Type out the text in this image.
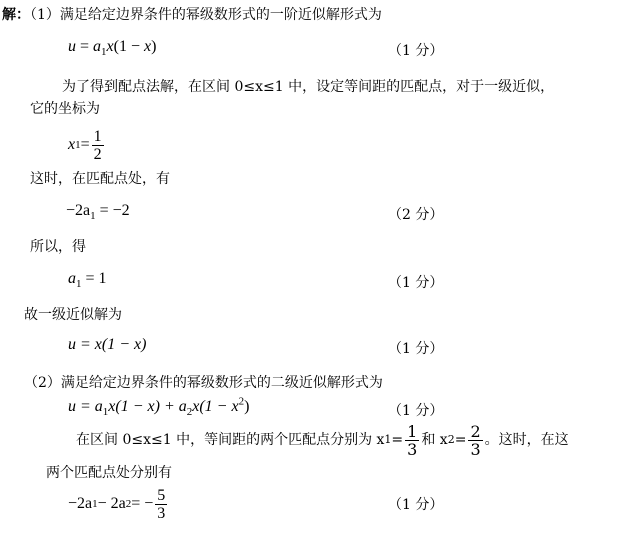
解：（1）满足给定边界条件的幂级数形式的一阶近似解形式为
$u = a_1x(1 - x)$	（1 分）
为了得到配点法解，在区间 0≤x≤1 中，设定等间距的匹配点，对于一级近似，
它的坐标为
x $1 = \frac{1}{2}$
这时，在匹配点处，有
$-2a_1 = -2$	（2 分）
所以，得
$a_1 = 1$	（1 分）
故一级近似解为
u = x(1 − x)	（1 分）
（2）满足给定边界条件的幂级数形式的二级近似解形式为
$u = a_1x(1 - x) + a_2x(1 - x^2)$	（1 分）
在区间 0≤x≤1 中，等间距的两个匹配点分别为 x $1 = \frac{1}{3}$ 和 x $2 = \frac{2}{3}$ 。这时，在这
两个匹配点处分别有
−2a 1 − 2a 2 = − $\frac{5}{3}$	（1 分）
